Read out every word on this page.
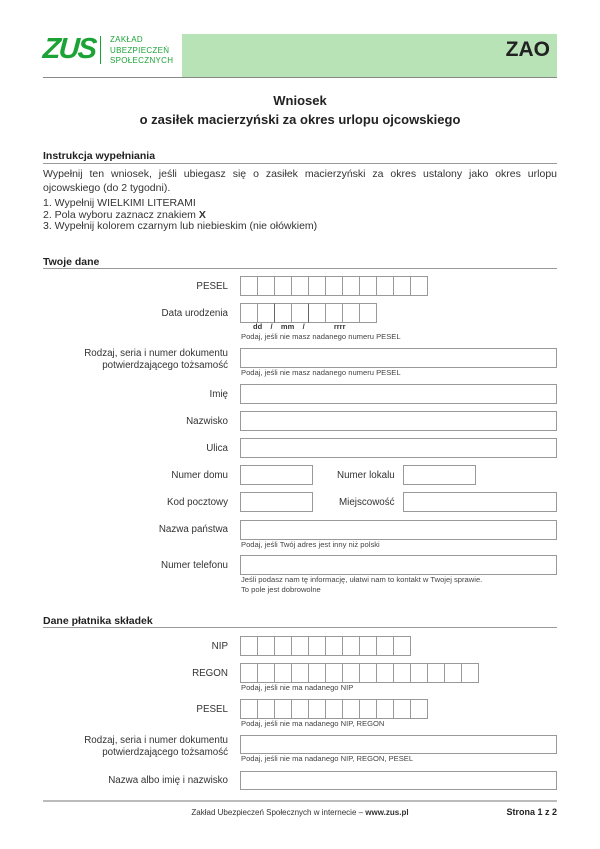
ZUS ZAKŁAD
UBEZPIECZEŃ
SPOŁECZNYCH	ZAO
Wniosek
o zasiłek macierzyński za okres urlopu ojcowskiego
Instrukcja wypełniania
Wypełnij ten wniosek, jeśli ubiegasz się o zasiłek macierzyński za okres ustalony jako okres urlopu ojcowskiego (do 2 tygodni).
1. Wypełnij WIELKIMI LITERAMI
2. Pola wyboru zaznacz znakiem X
3. Wypełnij kolorem czarnym lub niebieskim (nie ołówkiem)
Twoje dane
PESEL
Data urodzenia
dd    /    mm    /              rrrr
Podaj, jeśli nie masz nadanego numeru PESEL
Rodzaj, seria i numer dokumentu
potwierdzającego tożsamość
Podaj, jeśli nie masz nadanego numeru PESEL
Imię
Nazwisko
Ulica
Numer domu	Numer lokalu
Kod pocztowy	Miejscowość
Nazwa państwa
Podaj, jeśli Twój adres jest inny niż polski
Numer telefonu
Jeśli podasz nam tę informację, ułatwi nam to kontakt w Twojej sprawie.
To pole jest dobrowolne
Dane płatnika składek
NIP
REGON
Podaj, jeśli nie ma nadanego NIP
PESEL
Podaj, jeśli nie ma nadanego NIP, REGON
Rodzaj, seria i numer dokumentu
potwierdzającego tożsamość
Podaj, jeśli nie ma nadanego NIP, REGON, PESEL
Nazwa albo imię i nazwisko
Zakład Ubezpieczeń Społecznych w internecie – www.zus.pl	Strona 1 z 2
